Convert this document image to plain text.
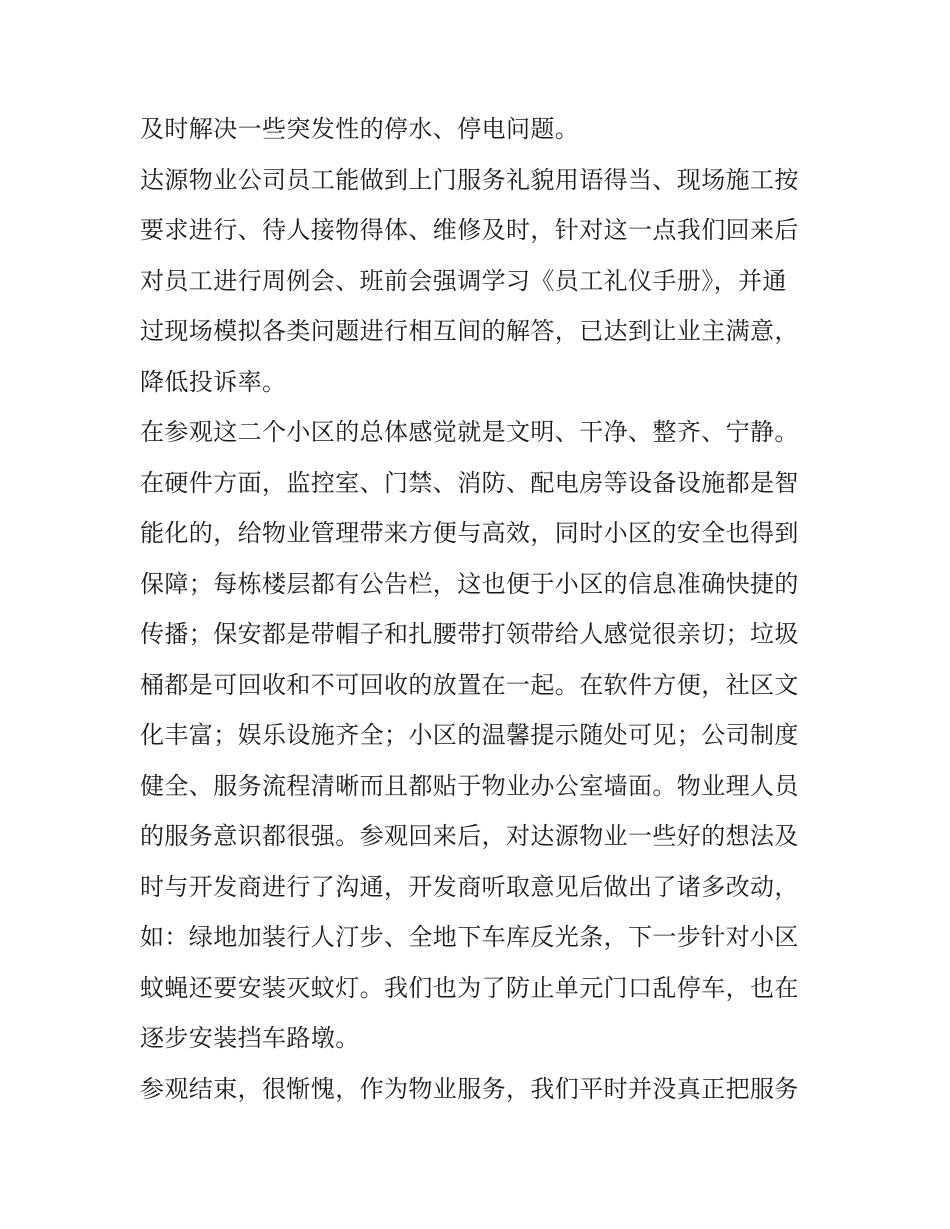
及时解决一些突发性的停水、停电问题。
达源物业公司员工能做到上门服务礼貌用语得当、现场施工按
要求进行、待人接物得体、维修及时，针对这一点我们回来后
对员工进行周例会、班前会强调学习《员工礼仪手册》，并通
过现场模拟各类问题进行相互间的解答，已达到让业主满意，
降低投诉率。
在参观这二个小区的总体感觉就是文明、干净、整齐、宁静。
在硬件方面，监控室、门禁、消防、配电房等设备设施都是智
能化的，给物业管理带来方便与高效，同时小区的安全也得到
保障；每栋楼层都有公告栏，这也便于小区的信息准确快捷的
传播；保安都是带帽子和扎腰带打领带给人感觉很亲切；垃圾
桶都是可回收和不可回收的放置在一起。在软件方便，社区文
化丰富；娱乐设施齐全；小区的温馨提示随处可见；公司制度
健全、服务流程清晰而且都贴于物业办公室墙面。物业理人员
的服务意识都很强。参观回来后，对达源物业一些好的想法及
时与开发商进行了沟通，开发商听取意见后做出了诸多改动，
如：绿地加装行人汀步、全地下车库反光条，下一步针对小区
蚊蝇还要安装灭蚊灯。我们也为了防止单元门口乱停车，也在
逐步安装挡车路墩。
参观结束，很惭愧，作为物业服务，我们平时并没真正把服务
